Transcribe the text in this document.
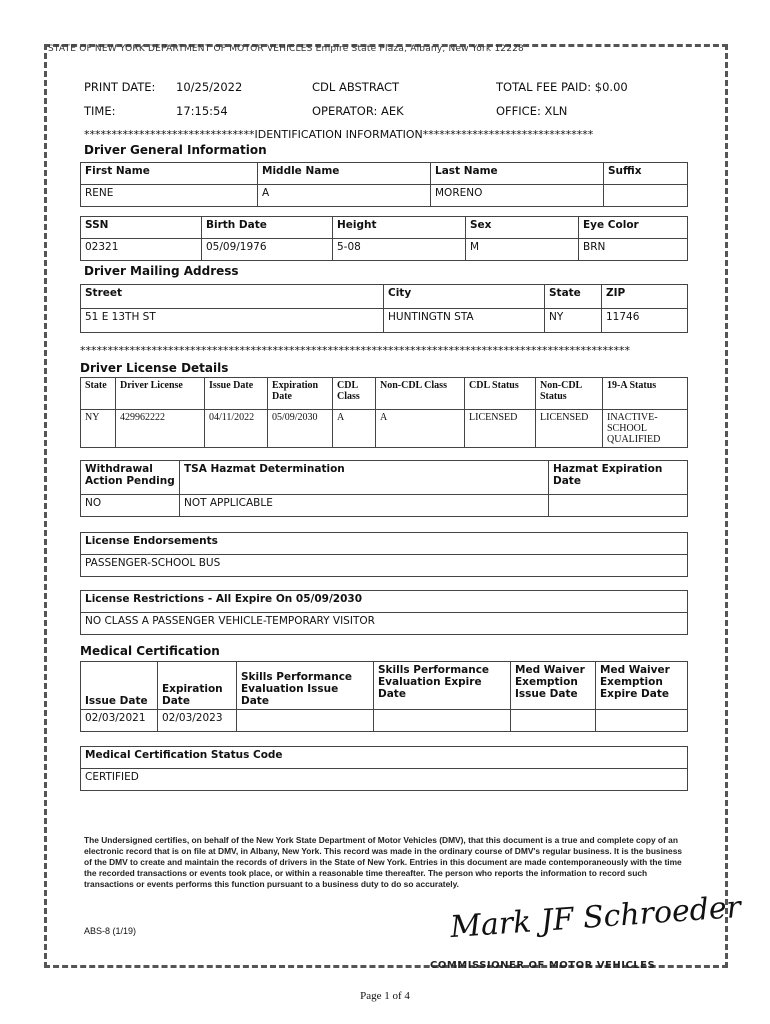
STATE OF NEW YORK DEPARTMENT OF MOTOR VEHICLES Empire State Plaza, Albany, New York 12228
PRINT DATE: 10/25/2022
TIME:	17:15:54
CDL ABSTRACT
OPERATOR: AEK
TOTAL FEE PAID: $0.00
OFFICE: XLN
*******************************IDENTIFICATION INFORMATION*******************************
Driver General Information
First Name	Middle Name	Last Name	Suffix
RENE	A	MORENO	
SSN	Birth Date	Height	Sex	Eye Color
02321	05/09/1976	5-08	M	BRN
Driver Mailing Address
Street	City	State	ZIP
51 E 13TH ST	HUNTINGTN STA	NY	11746
****************************************************************************************************
Driver License Details
State	Driver License	Issue Date	Expiration Date	CDL Class	Non-CDL Class	CDL Status	Non-CDL Status	19-A Status
NY	429962222	04/11/2022	05/09/2030	A	A	LICENSED	LICENSED	INACTIVE-SCHOOL QUALIFIED
Withdrawal Action Pending	TSA Hazmat Determination	Hazmat Expiration Date
NO	NOT APPLICABLE	
License Endorsements
PASSENGER-SCHOOL BUS
License Restrictions - All Expire On 05/09/2030
NO CLASS A PASSENGER VEHICLE-TEMPORARY VISITOR
Medical Certification
Issue Date	Expiration Date	Skills Performance Evaluation Issue Date	Skills Performance Evaluation Expire Date	Med Waiver Exemption Issue Date	Med Waiver Exemption Expire Date
02/03/2021	02/03/2023				
Medical Certification Status Code
CERTIFIED
The Undersigned certifies, on behalf of the New York State Department of Motor Vehicles (DMV), that this document is a true and complete copy of an electronic record that is on file at DMV, in Albany, New York. This record was made in the ordinary course of DMV's regular business. It is the business of the DMV to create and maintain the records of drivers in the State of New York. Entries in this document are made contemporaneously with the time the recorded transactions or events took place, or within a reasonable time thereafter. The person who reports the information to record such transactions or events performs this function pursuant to a business duty to do so accurately.
ABS-8 (1/19)	Mark JF Schroeder
COMMISSIONER OF MOTOR VEHICLES
Page 1 of 4
